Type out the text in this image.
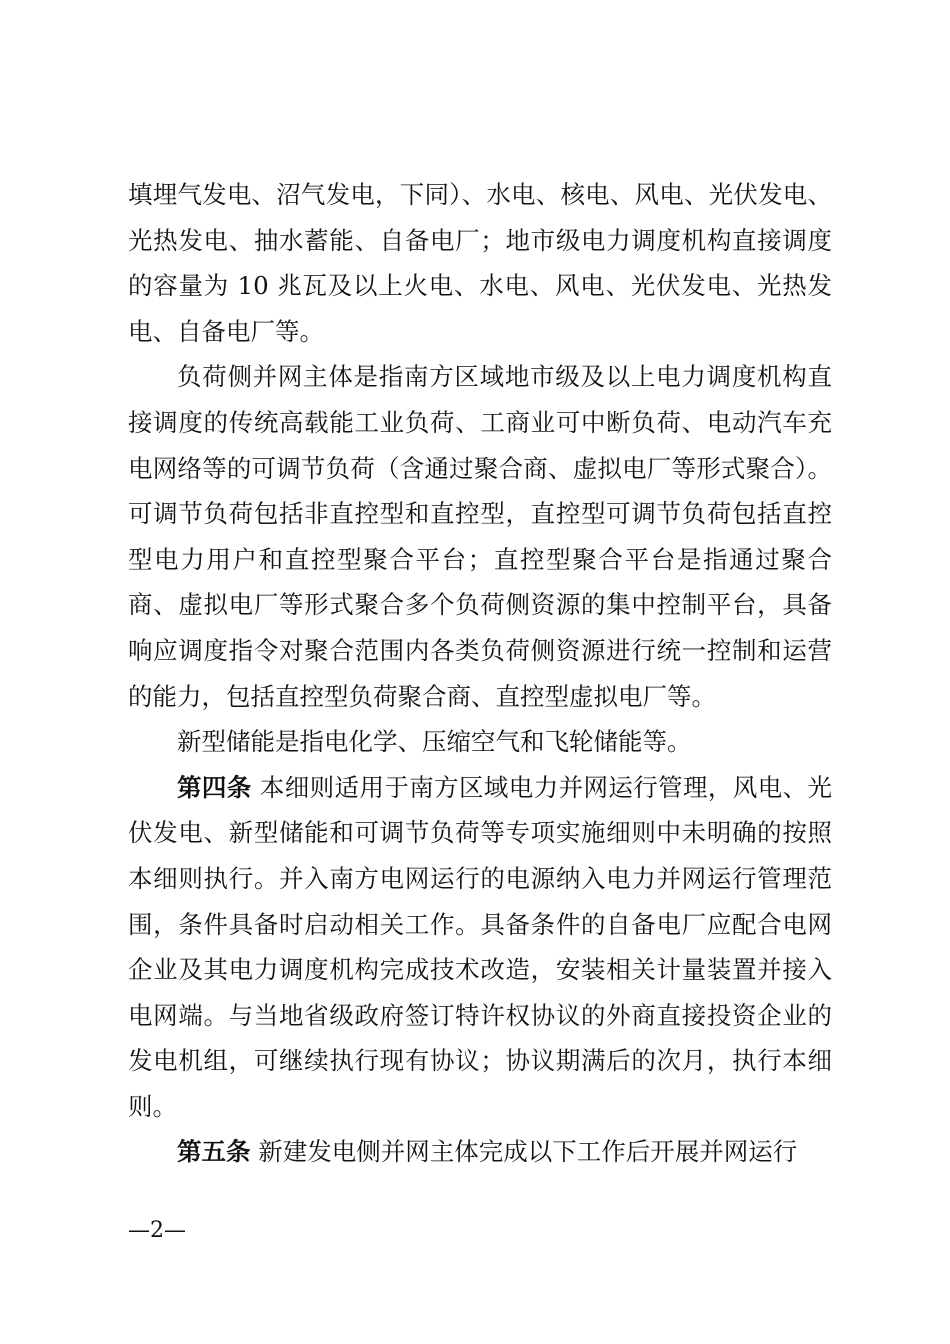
填埋气发电、沼气发电，下同）、水电、核电、风电、光伏发电、光热发电、抽水蓄能、自备电厂；地市级电力调度机构直接调度的容量为 10 兆瓦及以上火电、水电、风电、光伏发电、光热发电、自备电厂等。

负荷侧并网主体是指南方区域地市级及以上电力调度机构直接调度的传统高载能工业负荷、工商业可中断负荷、电动汽车充电网络等的可调节负荷（含通过聚合商、虚拟电厂等形式聚合）。可调节负荷包括非直控型和直控型，直控型可调节负荷包括直控型电力用户和直控型聚合平台；直控型聚合平台是指通过聚合商、虚拟电厂等形式聚合多个负荷侧资源的集中控制平台，具备响应调度指令对聚合范围内各类负荷侧资源进行统一控制和运营的能力，包括直控型负荷聚合商、直控型虚拟电厂等。

新型储能是指电化学、压缩空气和飞轮储能等。

第四条 本细则适用于南方区域电力并网运行管理，风电、光伏发电、新型储能和可调节负荷等专项实施细则中未明确的按照本细则执行。并入南方电网运行的电源纳入电力并网运行管理范围，条件具备时启动相关工作。具备条件的自备电厂应配合电网企业及其电力调度机构完成技术改造，安装相关计量装置并接入电网端。与当地省级政府签订特许权协议的外商直接投资企业的发电机组，可继续执行现有协议；协议期满后的次月，执行本细则。

第五条 新建发电侧并网主体完成以下工作后开展并网运行

—2—
